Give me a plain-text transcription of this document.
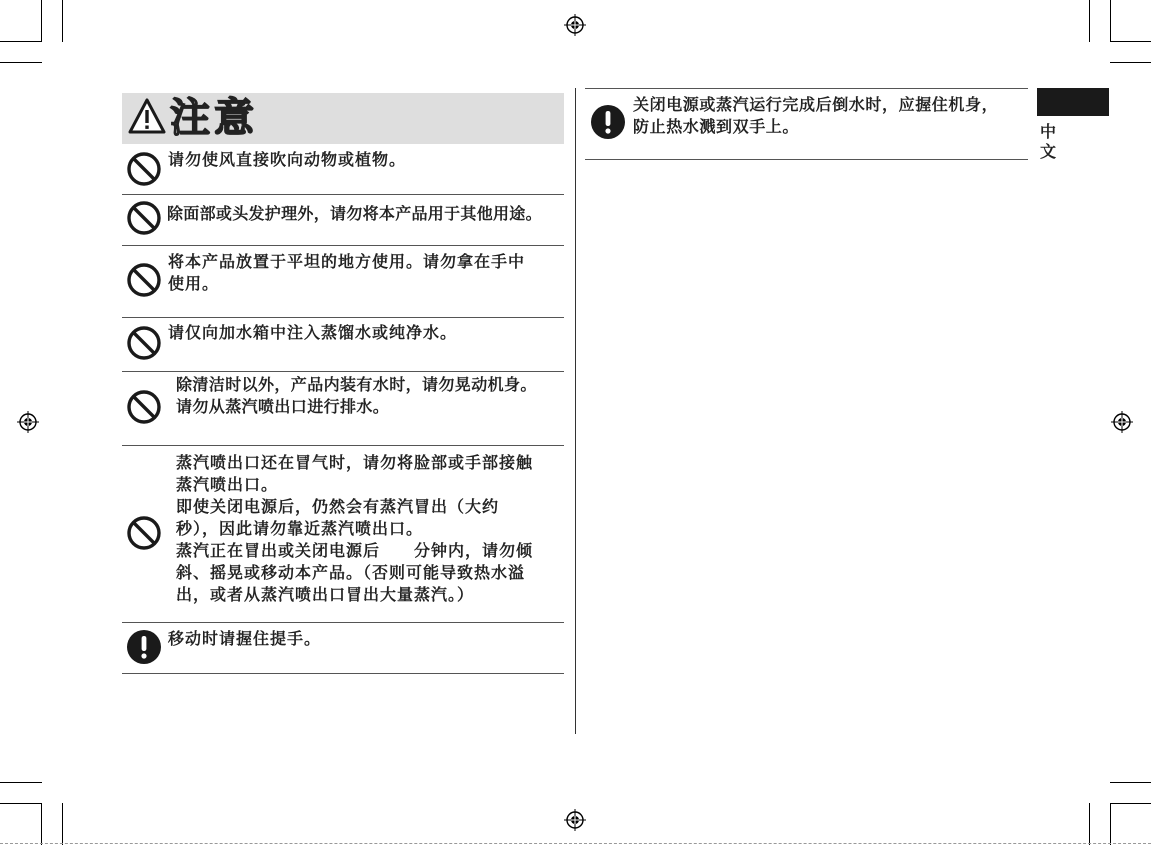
注意
请勿使风直接吹向动物或植物。
除面部或头发护理外，请勿将本产品用于其他用途。
将本产品放置于平坦的地方使用。请勿拿在手中
使用。
请仅向加水箱中注入蒸馏水或纯净水。
除清洁时以外，产品内装有水时，请勿晃动机身。
请勿从蒸汽喷出口进行排水。
蒸汽喷出口还在冒气时，请勿将脸部或手部接触
蒸汽喷出口。
即使关闭电源后，仍然会有蒸汽冒出（大约
秒），因此请勿靠近蒸汽喷出口。
蒸汽正在冒出或关闭电源后　　分钟内，请勿倾
斜、摇晃或移动本产品。（否则可能导致热水溢
出，或者从蒸汽喷出口冒出大量蒸汽。）
移动时请握住提手。
关闭电源或蒸汽运行完成后倒水时，应握住机身，
防止热水溅到双手上。	中文
